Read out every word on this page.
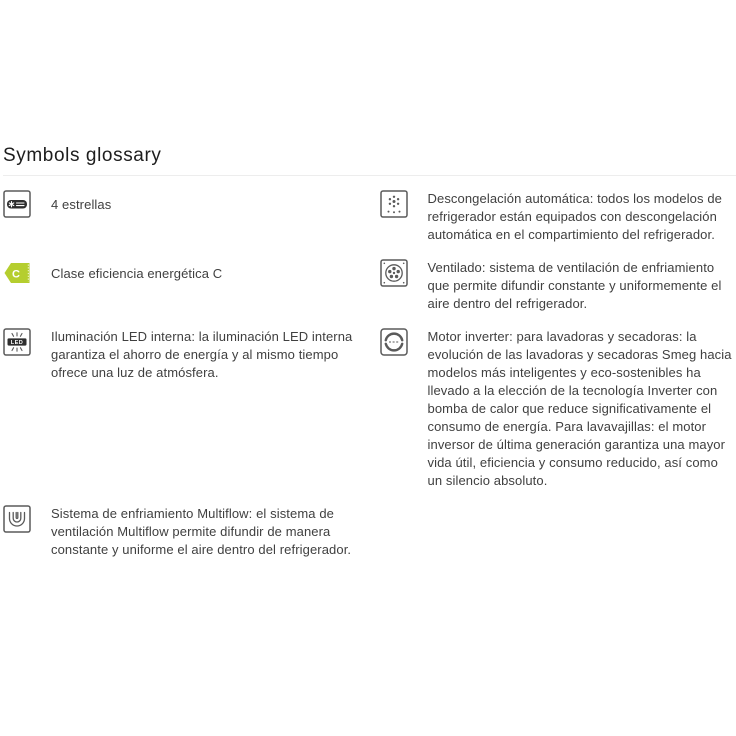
Symbols glossary

4 estrellas	Descongelación automática: todos los modelos de refrigerador están equipados con descongelación automática en el compartimiento del refrigerador.

C Clase eficiencia energética C	Ventilado: sistema de ventilación de enfriamiento que permite difundir constante y uniformemente el aire dentro del refrigerador.

LED Iluminación LED interna: la iluminación LED interna garantiza el ahorro de energía y al mismo tiempo ofrece una luz de atmósfera.

Motor inverter: para lavadoras y secadoras: la evolución de las lavadoras y secadoras Smeg hacia modelos más inteligentes y eco-sostenibles ha llevado a la elección de la tecnología Inverter con bomba de calor que reduce significativamente el consumo de energía. Para lavavajillas: el motor inversor de última generación garantiza una mayor vida útil, eficiencia y consumo reducido, así como un silencio absoluto.

Sistema de enfriamiento Multiflow: el sistema de ventilación Multiflow permite difundir de manera constante y uniforme el aire dentro del refrigerador.
